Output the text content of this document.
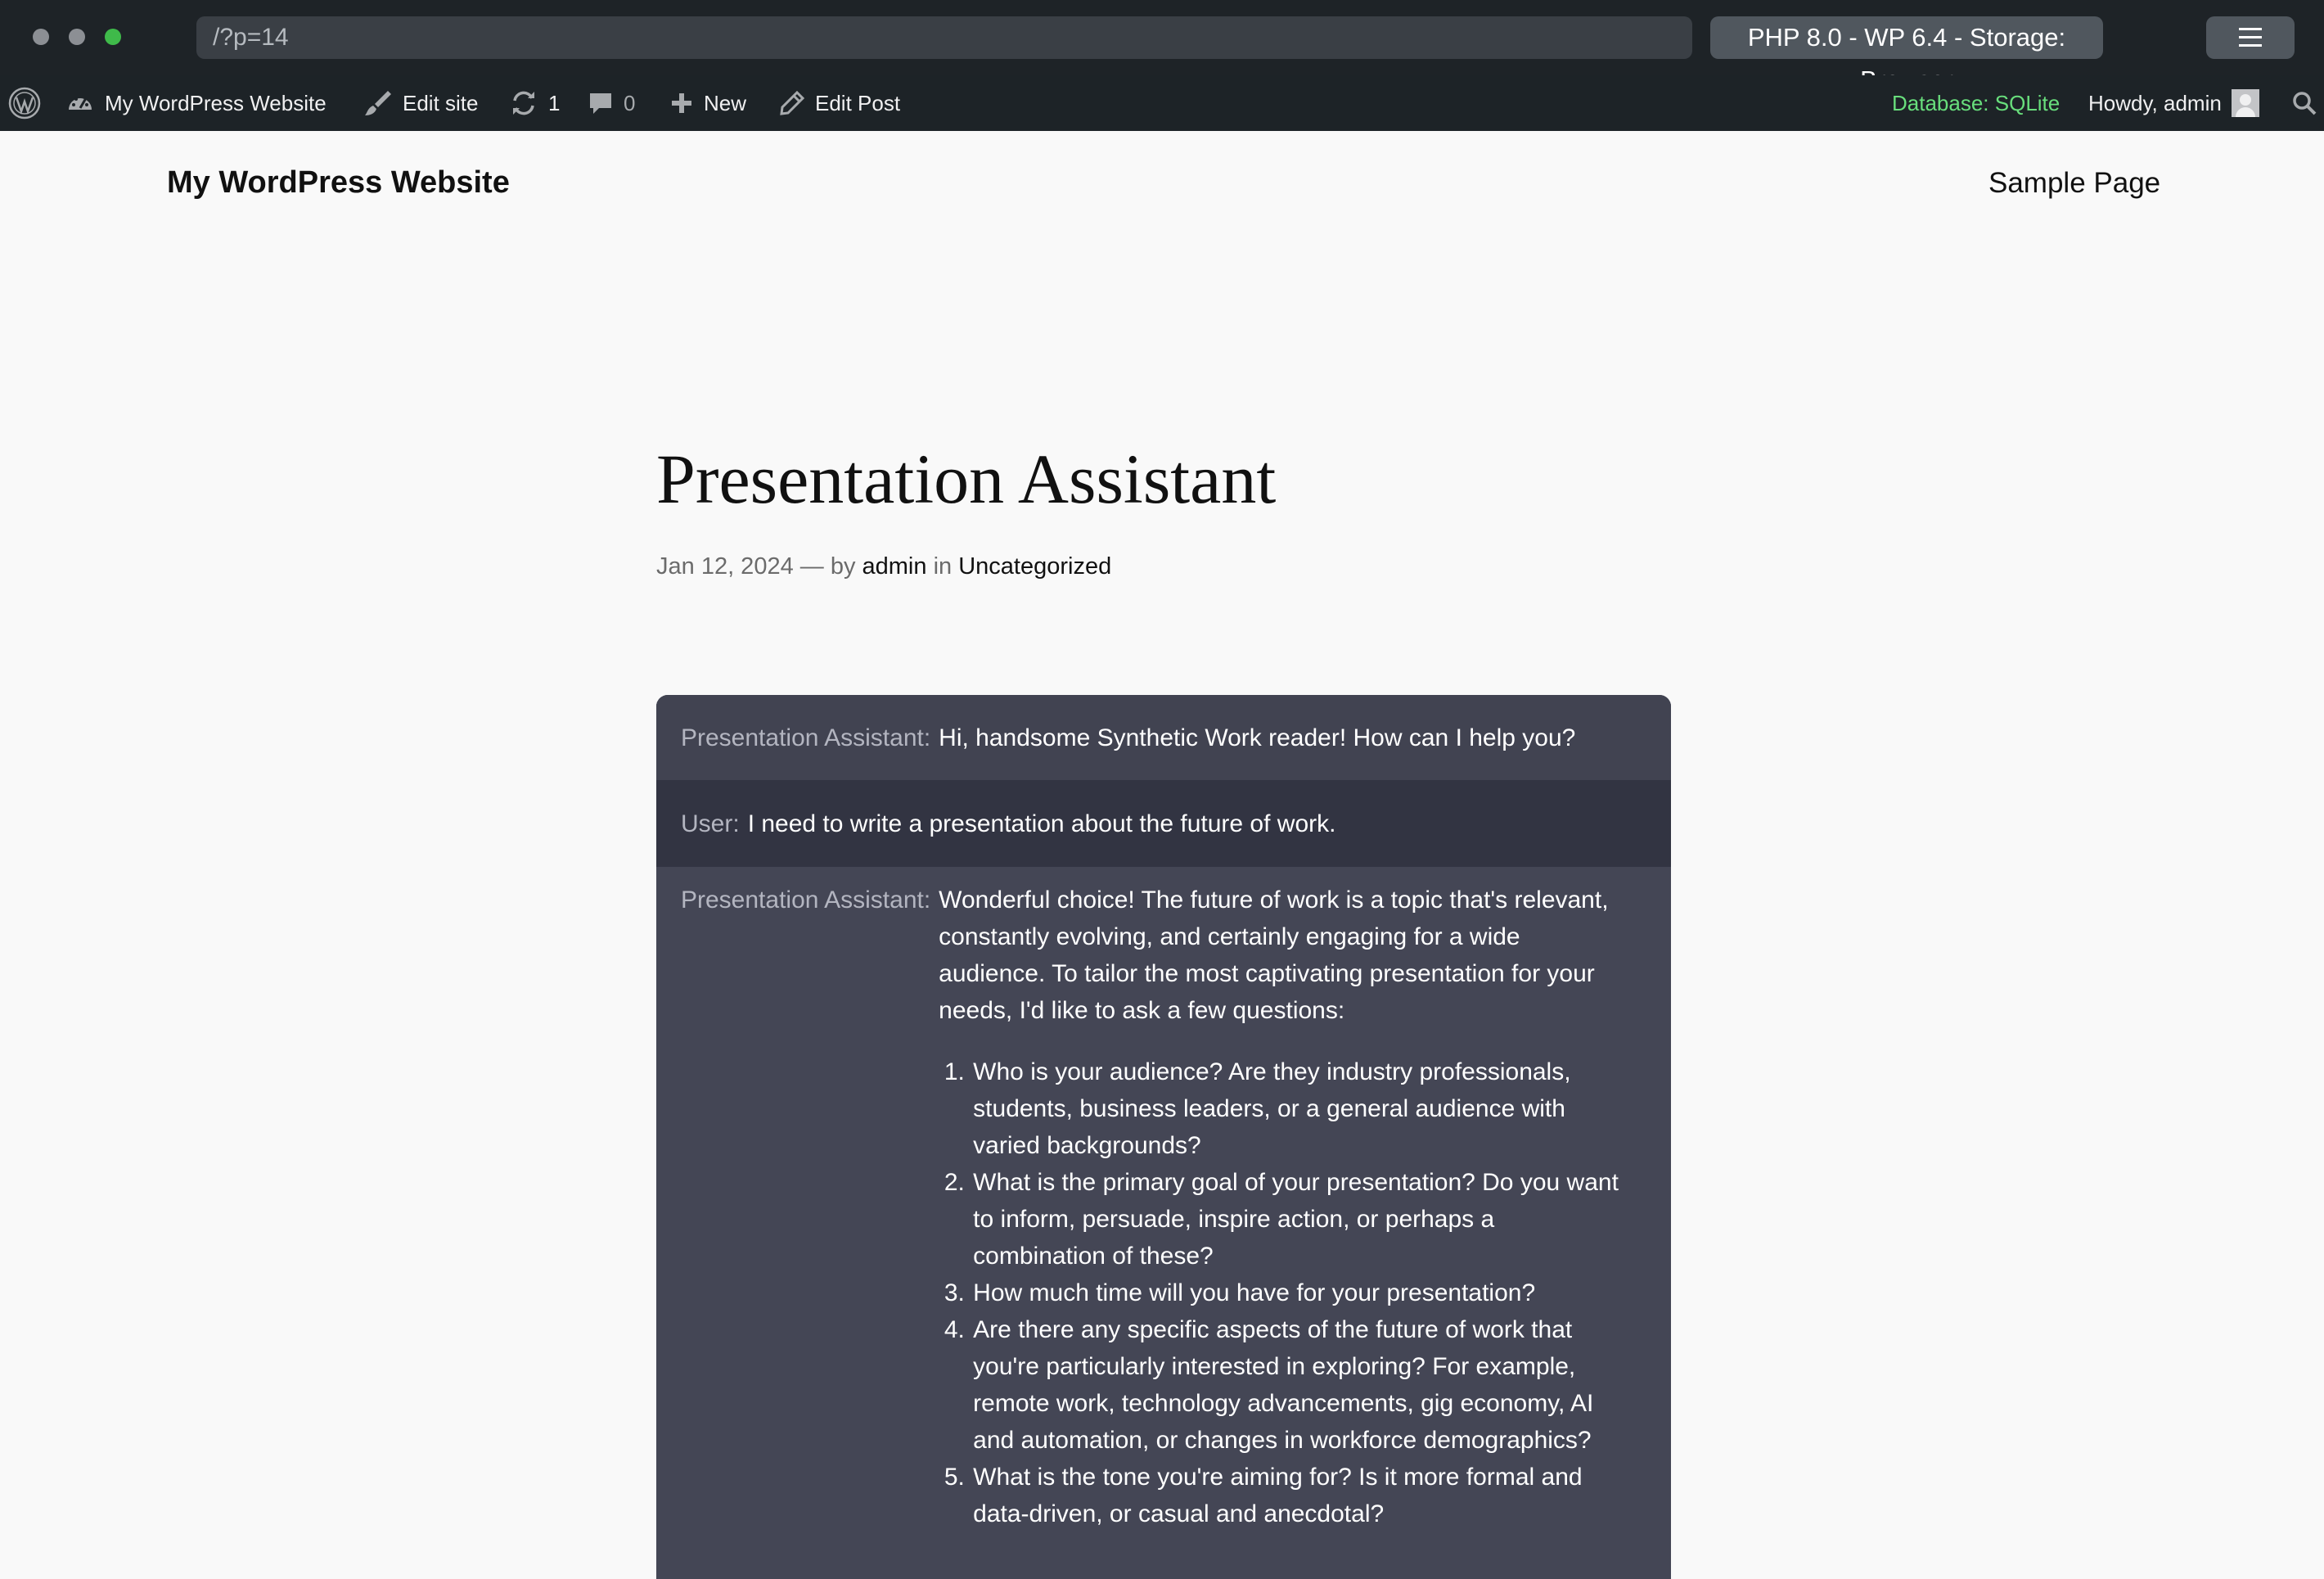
/?p=14	PHP 8.0 - WP 6.4 - Storage:
My WordPress Website	Edit site	1	0	New	Edit Post	Database: SQLite Howdy, admin
My WordPress Website	Sample Page
Presentation Assistant
Jan 12, 2024 — by admin in Uncategorized
Presentation Assistant: Hi, handsome Synthetic Work reader! How can I help you?
User: I need to write a presentation about the future of work.
Presentation Assistant: Wonderful choice! The future of work is a topic that's relevant, constantly evolving, and certainly engaging for a wide audience. To tailor the most captivating presentation for your needs, I'd like to ask a few questions:

1. Who is your audience? Are they industry professionals, students, business leaders, or a general audience with varied backgrounds?
2. What is the primary goal of your presentation? Do you want to inform, persuade, inspire action, or perhaps a combination of these?
3. How much time will you have for your presentation?
4. Are there any specific aspects of the future of work that you're particularly interested in exploring? For example, remote work, technology advancements, gig economy, AI and automation, or changes in workforce demographics?
5. What is the tone you're aiming for? Is it more formal and data-driven, or casual and anecdotal?
